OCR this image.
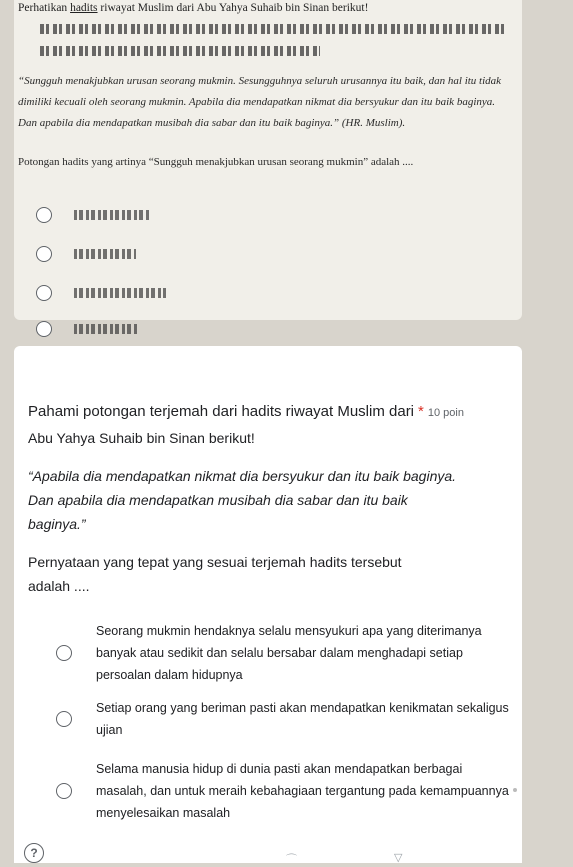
Perhatikan hadits riwayat Muslim dari Abu Yahya Suhaib bin Sinan berikut!
“Sungguh menakjubkan urusan seorang mukmin. Sesungguhnya seluruh urusannya itu baik, dan hal itu tidak dimiliki kecuali oleh seorang mukmin. Apabila dia mendapatkan nikmat dia bersyukur dan itu baik baginya. Dan apabila dia mendapatkan musibah dia sabar dan itu baik baginya.” (HR. Muslim).
Potongan hadits yang artinya “Sungguh menakjubkan urusan seorang mukmin” adalah ....
Pahami potongan terjemah dari hadits riwayat Muslim dari * 10 poin
Abu Yahya Suhaib bin Sinan berikut!
“Apabila dia mendapatkan nikmat dia bersyukur dan itu baik baginya. Dan apabila dia mendapatkan musibah dia sabar dan itu baik baginya.”
Pernyataan yang tepat yang sesuai terjemah hadits tersebut adalah ....
Seorang mukmin hendaknya selalu mensyukuri apa yang diterimanya banyak atau sedikit dan selalu bersabar dalam menghadapi setiap persoalan dalam hidupnya
Setiap orang yang beriman pasti akan mendapatkan kenikmatan sekaligus ujian
Selama manusia hidup di dunia pasti akan mendapatkan berbagai masalah, dan untuk meraih kebahagiaan tergantung pada kemampuannya menyelesaikan masalah
?	⌒	▽
